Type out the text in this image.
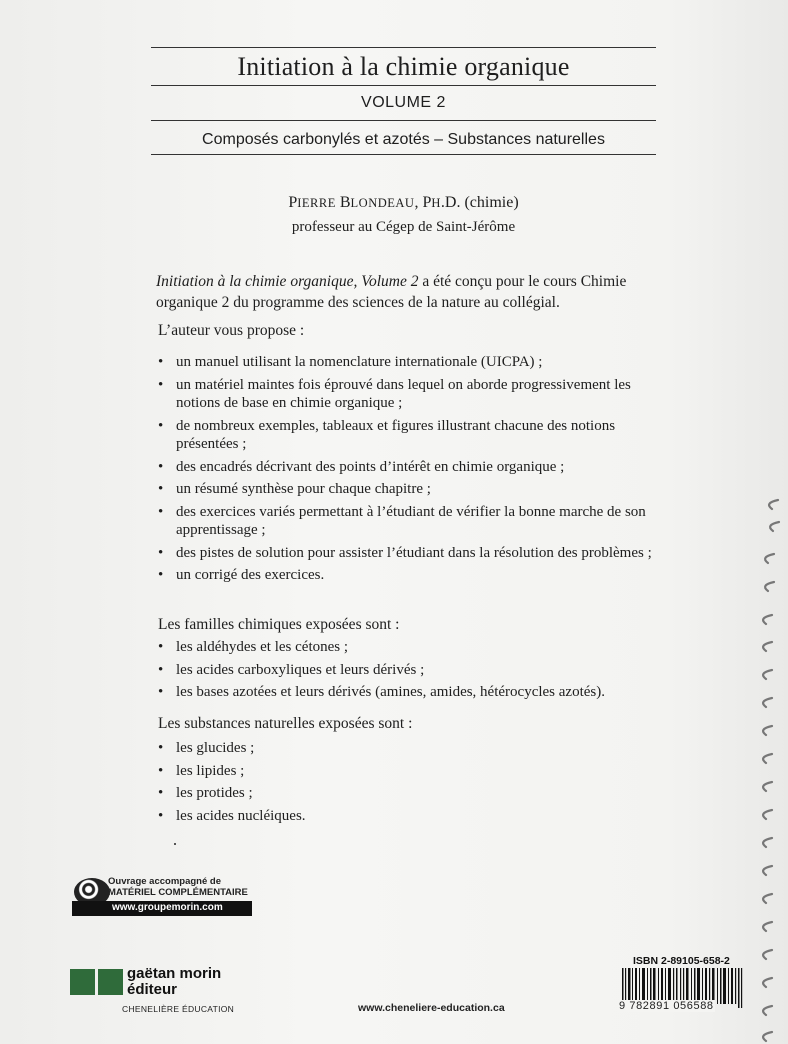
Initiation à la chimie organique
VOLUME 2
Composés carbonylés et azotés – Substances naturelles
PIERRE BLONDEAU, PH.D. (chimie)
professeur au Cégep de Saint-Jérôme
Initiation à la chimie organique, Volume 2 a été conçu pour le cours Chimie organique 2 du programme des sciences de la nature au collégial.
L’auteur vous propose :
• un manuel utilisant la nomenclature internationale (UICPA) ;
• un matériel maintes fois éprouvé dans lequel on aborde progressivement les notions de base en chimie organique ;
• de nombreux exemples, tableaux et figures illustrant chacune des notions présentées ;
• des encadrés décrivant des points d’intérêt en chimie organique ;
• un résumé synthèse pour chaque chapitre ;
• des exercices variés permettant à l’étudiant de vérifier la bonne marche de son apprentissage ;
• des pistes de solution pour assister l’étudiant dans la résolution des problèmes ;
• un corrigé des exercices.
Les familles chimiques exposées sont :
• les aldéhydes et les cétones ;
• les acides carboxyliques et leurs dérivés ;
• les bases azotées et leurs dérivés (amines, amides, hétérocycles azotés).
Les substances naturelles exposées sont :
• les glucides ;
• les lipides ;
• les protides ;
• les acides nucléiques.
Ouvrage accompagné de
MATÉRIEL COMPLÉMENTAIRE
www.groupemorin.com
gaëtan morin
éditeur
CHENELIÈRE ÉDUCATION	www.cheneliere-education.ca
ISBN 2-89105-658-2
9 782891 056588
